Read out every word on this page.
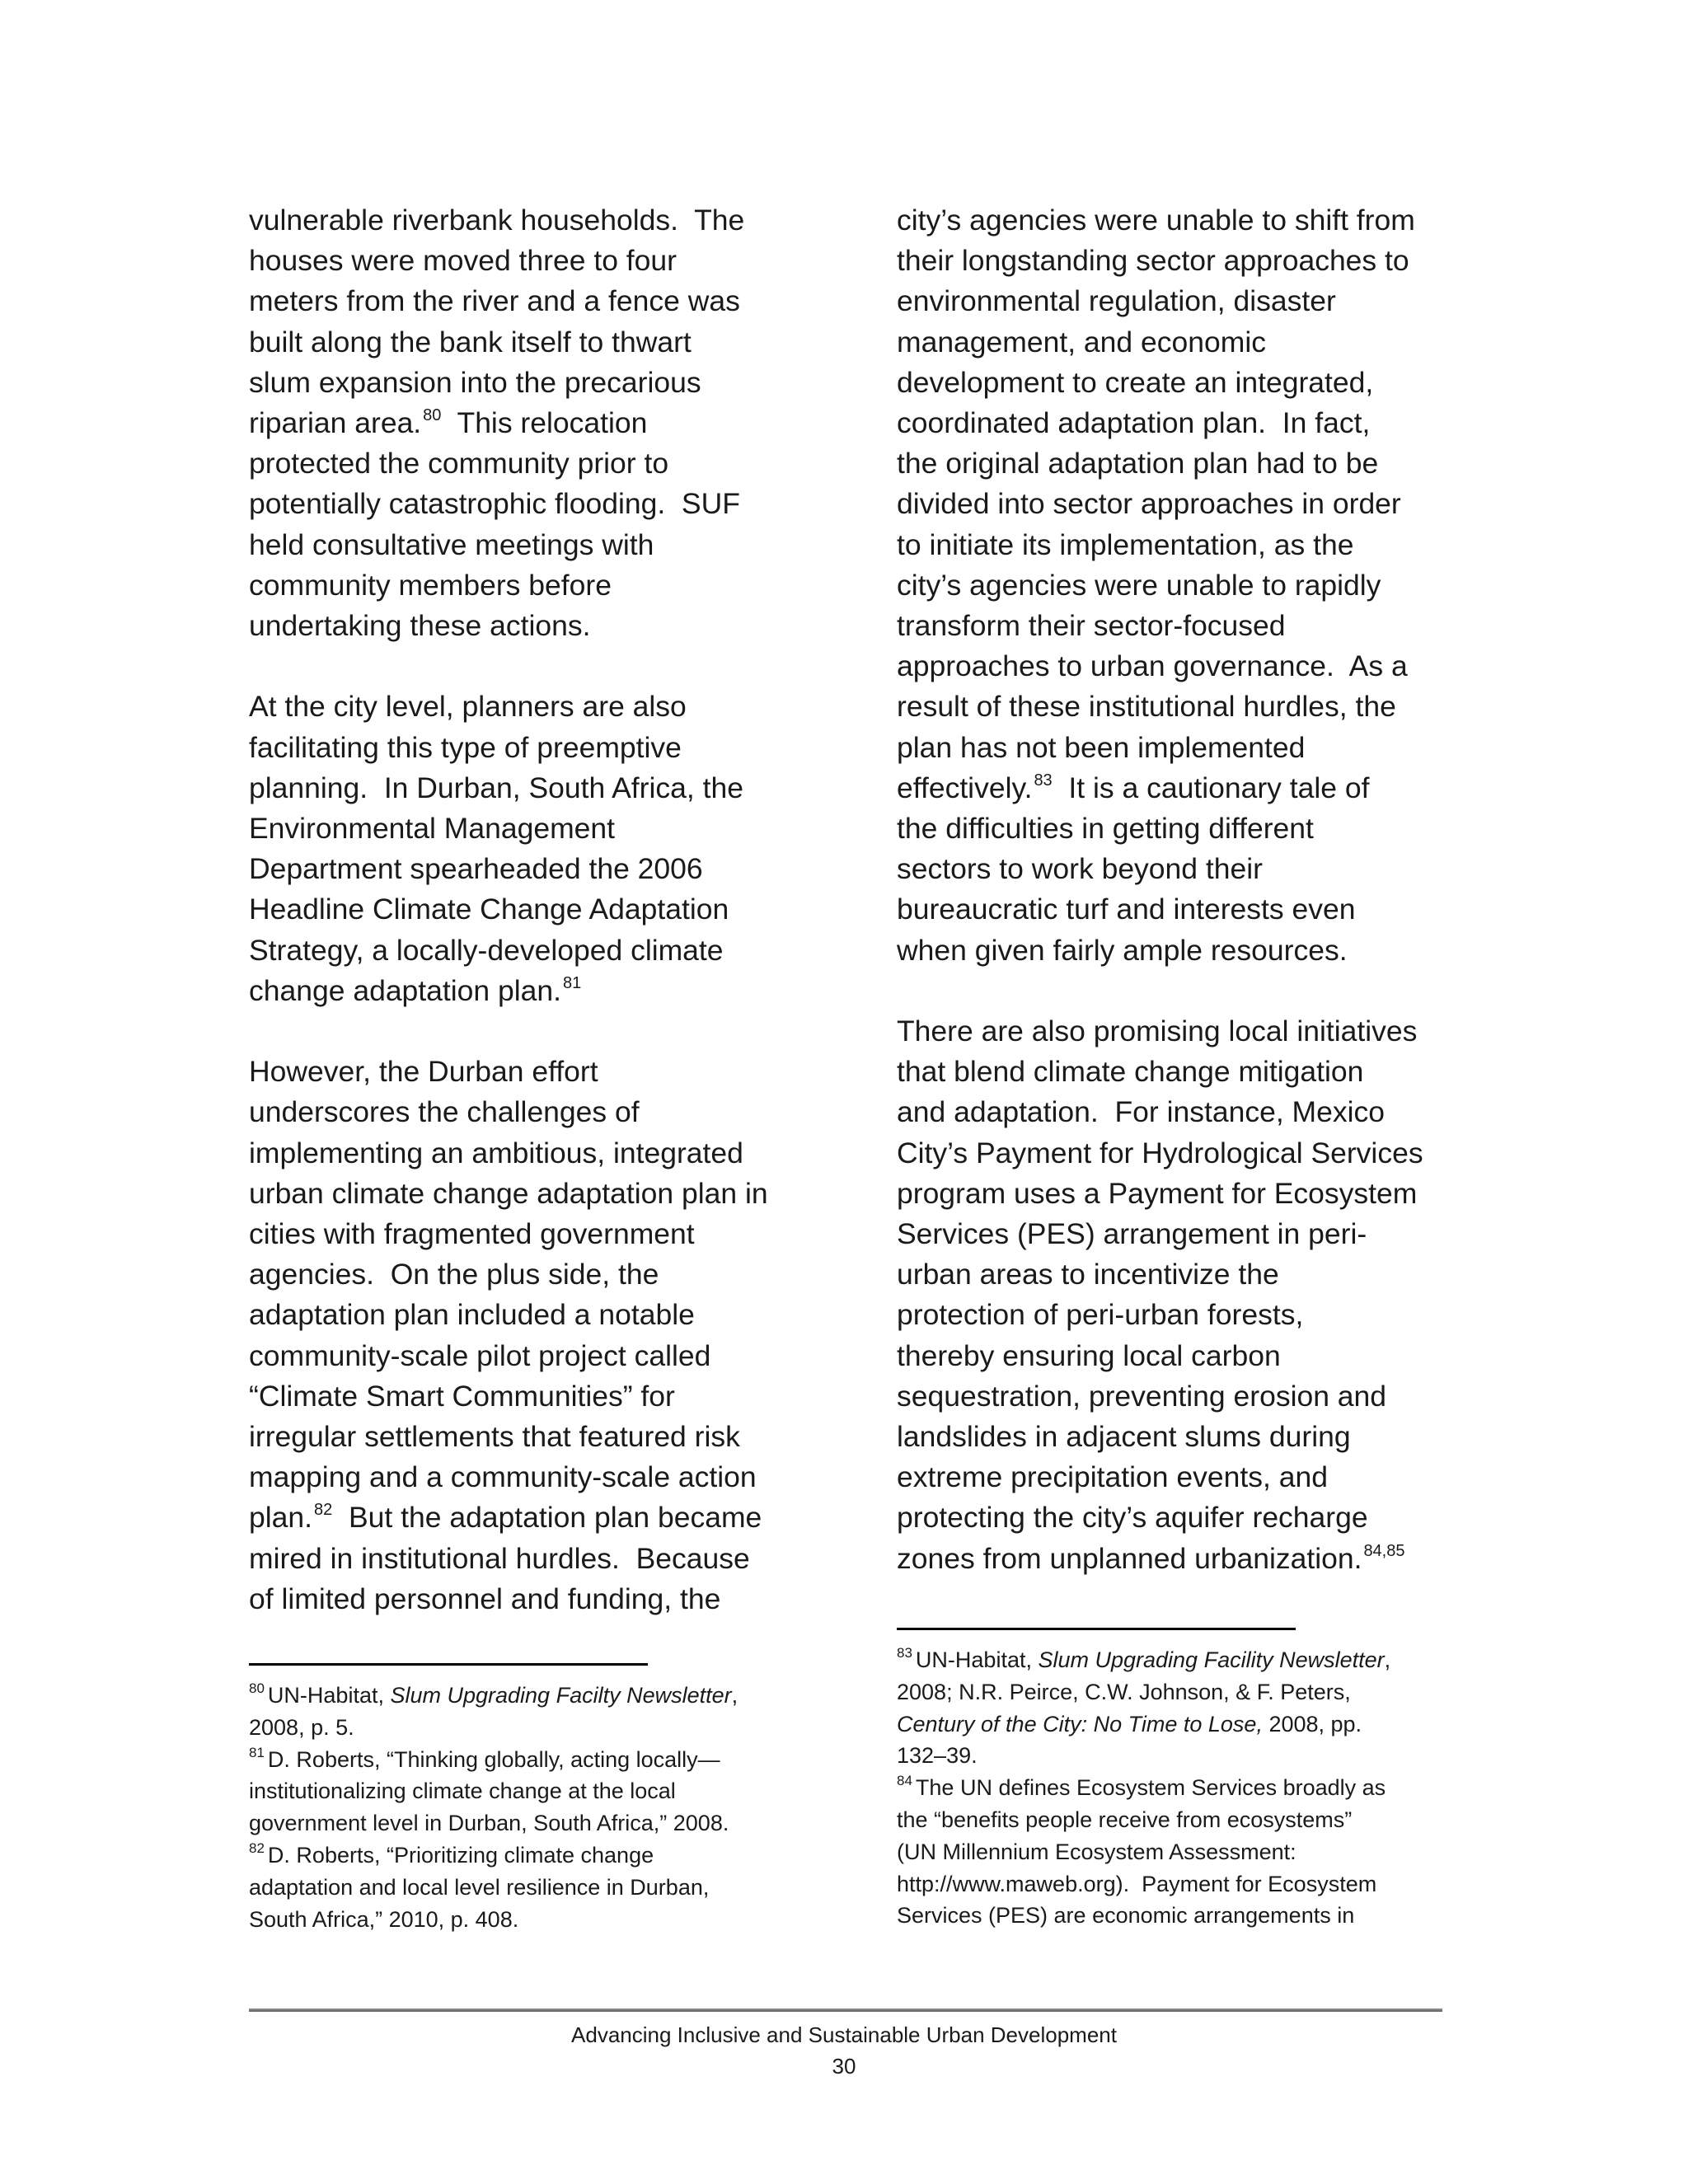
vulnerable riverbank households.  The
houses were moved three to four
meters from the river and a fence was
built along the bank itself to thwart
slum expansion into the precarious
riparian area. $^{80}$  This relocation
protected the community prior to
potentially catastrophic flooding.  SUF
held consultative meetings with
community members before
undertaking these actions.
At the city level, planners are also
facilitating this type of preemptive
planning.  In Durban, South Africa, the
Environmental Management
Department spearheaded the 2006
Headline Climate Change Adaptation
Strategy, a locally-developed climate
change adaptation plan. $^{81}$
However, the Durban effort
underscores the challenges of
implementing an ambitious, integrated
urban climate change adaptation plan in
cities with fragmented government
agencies.  On the plus side, the
adaptation plan included a notable
community-scale pilot project called
“Climate Smart Communities” for
irregular settlements that featured risk
mapping and a community-scale action
plan. $^{82}$  But the adaptation plan became
mired in institutional hurdles.  Because
of limited personnel and funding, the
city’s agencies were unable to shift from
their longstanding sector approaches to
environmental regulation, disaster
management, and economic
development to create an integrated,
coordinated adaptation plan.  In fact,
the original adaptation plan had to be
divided into sector approaches in order
to initiate its implementation, as the
city’s agencies were unable to rapidly
transform their sector-focused
approaches to urban governance.  As a
result of these institutional hurdles, the
plan has not been implemented
effectively. $^{83}$  It is a cautionary tale of
the difficulties in getting different
sectors to work beyond their
bureaucratic turf and interests even
when given fairly ample resources.
There are also promising local initiatives
that blend climate change mitigation
and adaptation.  For instance, Mexico
City’s Payment for Hydrological Services
program uses a Payment for Ecosystem
Services (PES) arrangement in peri-
urban areas to incentivize the
protection of peri-urban forests,
thereby ensuring local carbon
sequestration, preventing erosion and
landslides in adjacent slums during
extreme precipitation events, and
protecting the city’s aquifer recharge
zones from unplanned urbanization. $^{84,85}$
$^{80}$ UN-Habitat, Slum Upgrading Facilty Newsletter,
2008, p. 5.
$^{81}$ D. Roberts, “Thinking globally, acting locally—
institutionalizing climate change at the local
government level in Durban, South Africa,” 2008.
$^{82}$ D. Roberts, “Prioritizing climate change
adaptation and local level resilience in Durban,
South Africa,” 2010, p. 408.
$^{83}$ UN-Habitat, Slum Upgrading Facility Newsletter,
2008; N.R. Peirce, C.W. Johnson, & F. Peters,
Century of the City: No Time to Lose, 2008, pp.
132–39.
$^{84}$ The UN defines Ecosystem Services broadly as
the “benefits people receive from ecosystems”
(UN Millennium Ecosystem Assessment:
http://www.maweb.org).  Payment for Ecosystem
Services (PES) are economic arrangements in
Advancing Inclusive and Sustainable Urban Development
30
